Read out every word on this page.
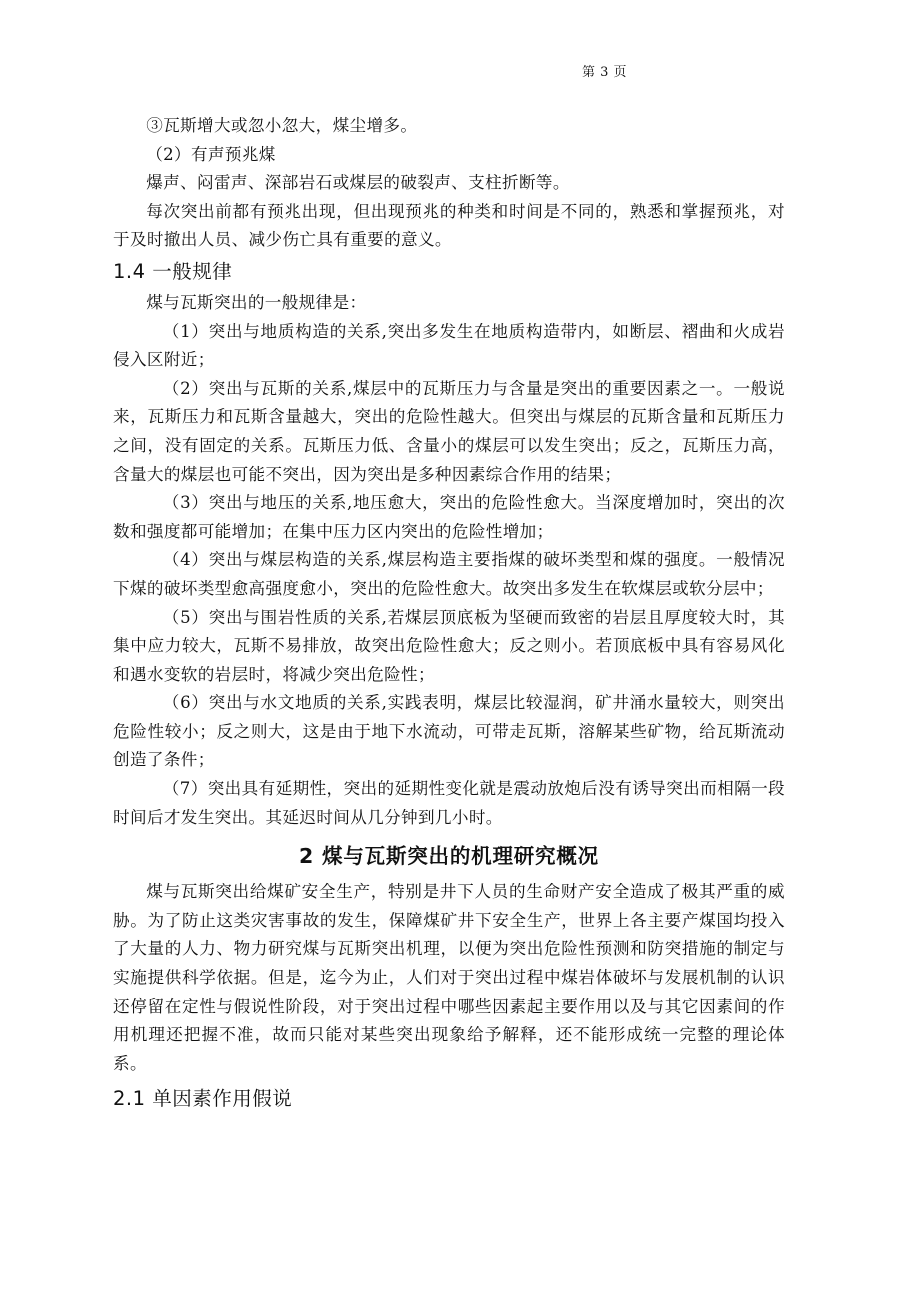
第 3 页

③瓦斯增大或忽小忽大，煤尘增多。

（2）有声预兆煤

爆声、闷雷声、深部岩石或煤层的破裂声、支柱折断等。

每次突出前都有预兆出现，但出现预兆的种类和时间是不同的，熟悉和掌握预兆，对于及时撤出人员、减少伤亡具有重要的意义。

1.4 一般规律

煤与瓦斯突出的一般规律是：

（1）突出与地质构造的关系,突出多发生在地质构造带内，如断层、褶曲和火成岩侵入区附近；

（2）突出与瓦斯的关系,煤层中的瓦斯压力与含量是突出的重要因素之一。一般说来，瓦斯压力和瓦斯含量越大，突出的危险性越大。但突出与煤层的瓦斯含量和瓦斯压力之间，没有固定的关系。瓦斯压力低、含量小的煤层可以发生突出；反之，瓦斯压力高，含量大的煤层也可能不突出，因为突出是多种因素综合作用的结果；

（3）突出与地压的关系,地压愈大，突出的危险性愈大。当深度增加时，突出的次数和强度都可能增加；在集中压力区内突出的危险性增加；

（4）突出与煤层构造的关系,煤层构造主要指煤的破坏类型和煤的强度。一般情况下煤的破坏类型愈高强度愈小，突出的危险性愈大。故突出多发生在软煤层或软分层中；

（5）突出与围岩性质的关系,若煤层顶底板为坚硬而致密的岩层且厚度较大时，其集中应力较大，瓦斯不易排放，故突出危险性愈大；反之则小。若顶底板中具有容易风化和遇水变软的岩层时，将减少突出危险性；

（6）突出与水文地质的关系,实践表明，煤层比较湿润，矿井涌水量较大，则突出危险性较小；反之则大，这是由于地下水流动，可带走瓦斯，溶解某些矿物，给瓦斯流动创造了条件；

（7）突出具有延期性，突出的延期性变化就是震动放炮后没有诱导突出而相隔一段时间后才发生突出。其延迟时间从几分钟到几小时。

2 煤与瓦斯突出的机理研究概况

煤与瓦斯突出给煤矿安全生产，特别是井下人员的生命财产安全造成了极其严重的威胁。为了防止这类灾害事故的发生，保障煤矿井下安全生产，世界上各主要产煤国均投入了大量的人力、物力研究煤与瓦斯突出机理，以便为突出危险性预测和防突措施的制定与实施提供科学依据。但是，迄今为止，人们对于突出过程中煤岩体破坏与发展机制的认识还停留在定性与假说性阶段，对于突出过程中哪些因素起主要作用以及与其它因素间的作用机理还把握不准，故而只能对某些突出现象给予解释，还不能形成统一完整的理论体系。

2.1 单因素作用假说
